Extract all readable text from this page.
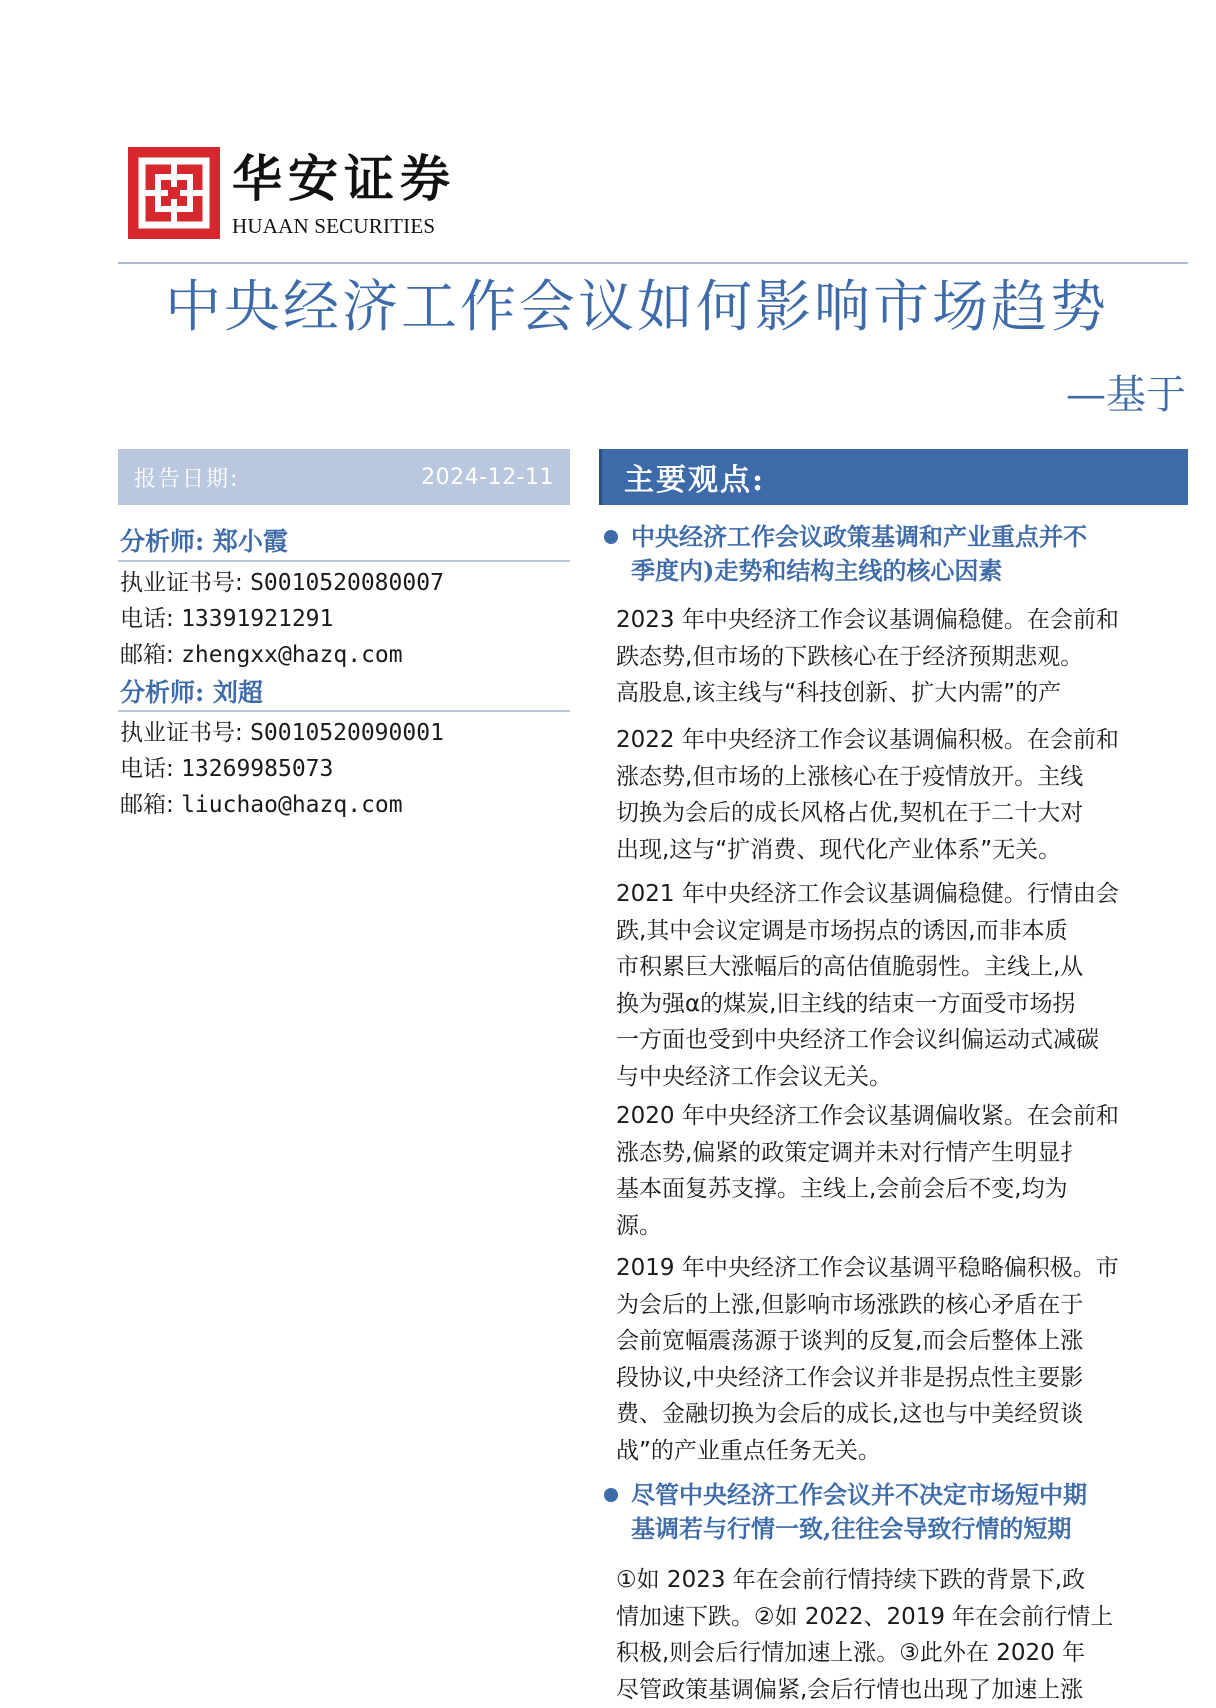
华安证券
HUAAN SECURITIES
中央经济工作会议如何影响市场趋势
—基于
报告日期:	2024-12-11
分析师: 郑小霞
执业证书号: S0010520080007
电话: 13391921291
邮箱: zhengxx@hazq.com
分析师: 刘超
执业证书号: S0010520090001
电话: 13269985073
邮箱: liuchao@hazq.com
主要观点:
中央经济工作会议政策基调和产业重点并不
季度内)走势和结构主线的核心因素
2023 年中央经济工作会议基调偏稳健。在会前和
跌态势,但市场的下跌核心在于经济预期悲观。
高股息,该主线与“科技创新、扩大内需”的产
2022 年中央经济工作会议基调偏积极。在会前和
涨态势,但市场的上涨核心在于疫情放开。主线
切换为会后的成长风格占优,契机在于二十大对
出现,这与“扩消费、现代化产业体系”无关。
2021 年中央经济工作会议基调偏稳健。行情由会
跌,其中会议定调是市场拐点的诱因,而非本质
市积累巨大涨幅后的高估值脆弱性。主线上,从
换为强α的煤炭,旧主线的结束一方面受市场拐
一方面也受到中央经济工作会议纠偏运动式减碳
与中央经济工作会议无关。
2020 年中央经济工作会议基调偏收紧。在会前和
涨态势,偏紧的政策定调并未对行情产生明显扌
基本面复苏支撑。主线上,会前会后不变,均为
源。
2019 年中央经济工作会议基调平稳略偏积极。市
为会后的上涨,但影响市场涨跌的核心矛盾在于
会前宽幅震荡源于谈判的反复,而会后整体上涨
段协议,中央经济工作会议并非是拐点性主要影
费、金融切换为会后的成长,这也与中美经贸谈
战”的产业重点任务无关。
尽管中央经济工作会议并不决定市场短中期
基调若与行情一致,往往会导致行情的短期
①如 2023 年在会前行情持续下跌的背景下,政
情加速下跌。②如 2022、2019 年在会前行情上
积极,则会后行情加速上涨。③此外在 2020 年
尽管政策基调偏紧,会后行情也出现了加速上涨
